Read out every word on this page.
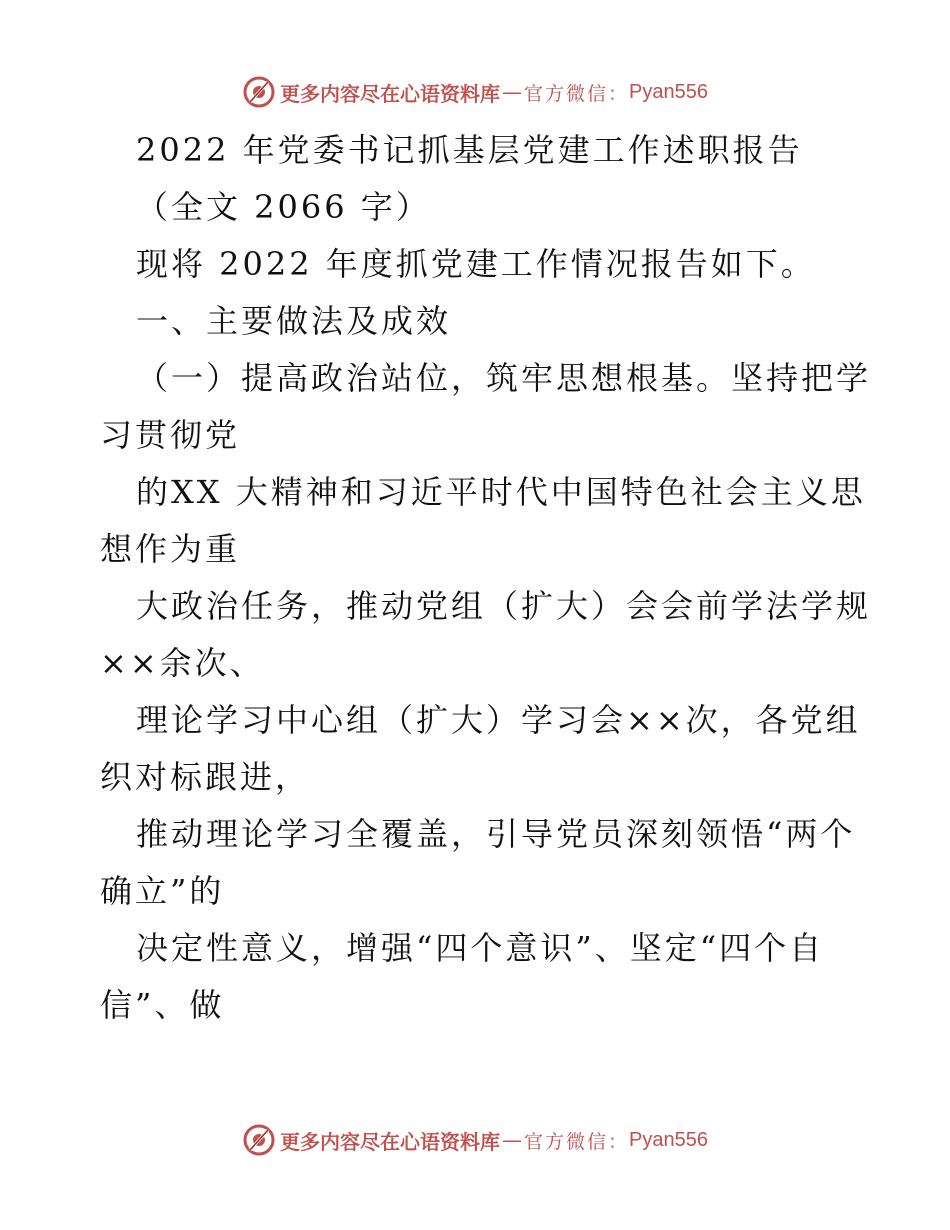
更多内容尽在心语资料库 — 官方微信： Pyan556

2022 年党委书记抓基层党建工作述职报告

（全文 2066 字）

现将 2022 年度抓党建工作情况报告如下。

一、主要做法及成效

（一）提高政治站位，筑牢思想根基。坚持把学

习贯彻党

的XX 大精神和习近平时代中国特色社会主义思

想作为重

大政治任务，推动党组（扩大）会会前学法学规

××余次、

理论学习中心组（扩大）学习会××次，各党组

织对标跟进，

推动理论学习全覆盖，引导党员深刻领悟“两个

确立”的

决定性意义，增强“四个意识”、坚定“四个自

信”、做

更多内容尽在心语资料库 — 官方微信： Pyan556
